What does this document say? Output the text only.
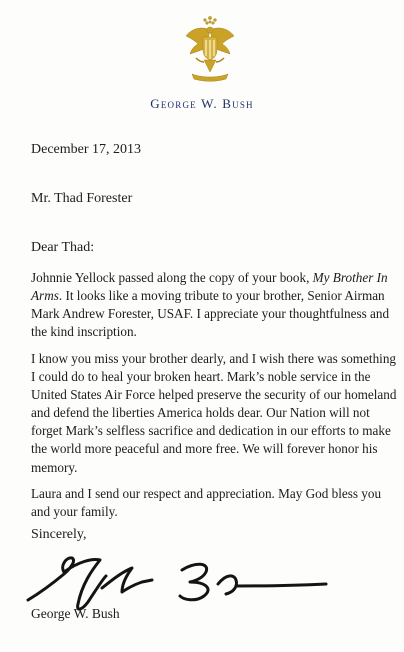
George W. Bush
December 17, 2013
Mr. Thad Forester
Dear Thad:

Johnnie Yellock passed along the copy of your book, My Brother In Arms. It looks like a moving tribute to your brother, Senior Airman Mark Andrew Forester, USAF. I appreciate your thoughtfulness and the kind inscription.

I know you miss your brother dearly, and I wish there was something I could do to heal your broken heart. Mark’s noble service in the United States Air Force helped preserve the security of our homeland and defend the liberties America holds dear. Our Nation will not forget Mark’s selfless sacrifice and dedication in our efforts to make the world more peaceful and more free. We will forever honor his memory.

Laura and I send our respect and appreciation. May God bless you and your family.

Sincerely,
George W. Bush
